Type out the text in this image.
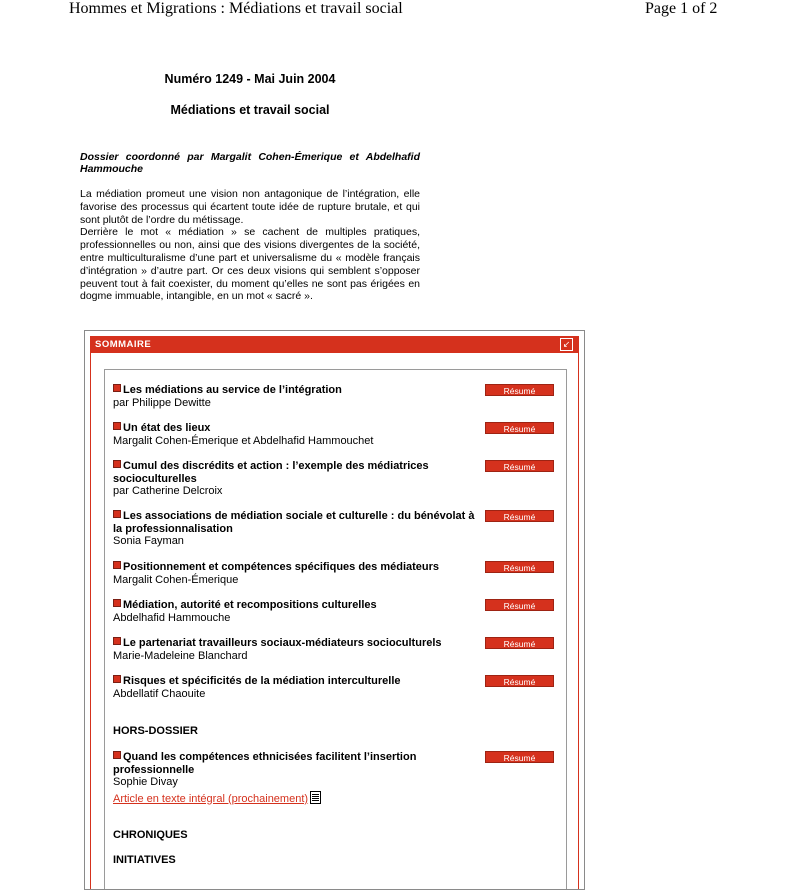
Hommes et Migrations : Médiations et travail social	Page 1 of 2
Numéro 1249 - Mai Juin 2004
Médiations et travail social
Dossier coordonné par Margalit Cohen-Émerique et Abdelhafid Hammouche

La médiation promeut une vision non antagonique de l’intégration, elle favorise des processus qui écartent toute idée de rupture brutale, et qui sont plutôt de l’ordre du métissage.

Derrière le mot « médiation » se cachent de multiples pratiques, professionnelles ou non, ainsi que des visions divergentes de la société, entre multiculturalisme d’une part et universalisme du « modèle français d’intégration » d’autre part. Or ces deux visions qui semblent s’opposer peuvent tout à fait coexister, du moment qu’elles ne sont pas érigées en dogme immuable, intangible, en un mot « sacré ».

SOMMAIRE	↙
Les médiations au service de l’intégration
par Philippe Dewitte
Résumé
Un état des lieux
Margalit Cohen-Émerique et Abdelhafid Hammouchet
Résumé
Cumul des discrédits et action : l’exemple des médiatrices socioculturelles
par Catherine Delcroix
Résumé
Les associations de médiation sociale et culturelle : du bénévolat à la professionnalisation
Sonia Fayman
Résumé
Positionnement et compétences spécifiques des médiateurs
Margalit Cohen-Émerique
Résumé
Médiation, autorité et recompositions culturelles
Abdelhafid Hammouche
Résumé
Le partenariat travailleurs sociaux-médiateurs socioculturels
Marie-Madeleine Blanchard
Résumé
Risques et spécificités de la médiation interculturelle
Abdellatif Chaouite
Résumé
HORS-DOSSIER
Quand les compétences ethnicisées facilitent l’insertion professionnelle
Sophie Divay
Article en texte intégral (prochainement)
Résumé
CHRONIQUES
INITIATIVES
